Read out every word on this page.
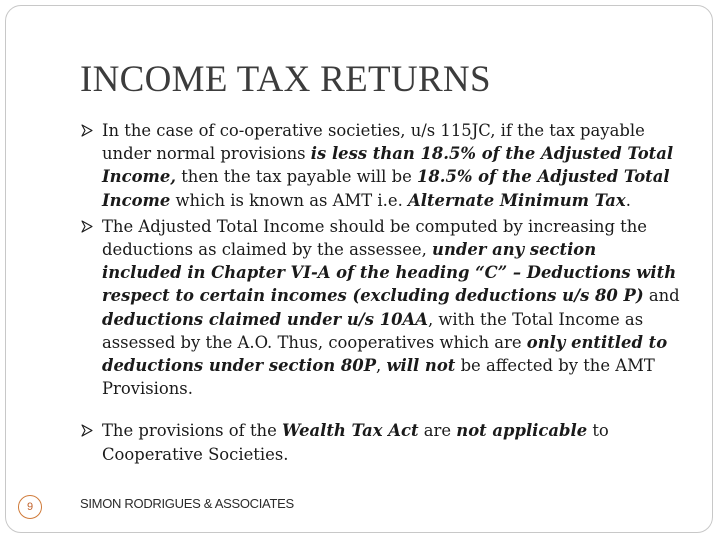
INCOME TAX RETURNS
In the case of co-operative societies, u/s 115JC, if the tax payable under normal provisions is less than 18.5% of the Adjusted Total Income, then the tax payable will be 18.5% of the Adjusted Total Income which is known as AMT i.e. Alternate Minimum Tax.
The Adjusted Total Income should be computed by increasing the deductions as claimed by the assessee, under any section included in Chapter VI-A of the heading “C” – Deductions with respect to certain incomes (excluding deductions u/s 80 P) and deductions claimed under u/s 10AA, with the Total Income as assessed by the A.O. Thus, cooperatives which are only entitled to deductions under section 80P, will not be affected by the AMT Provisions.
The provisions of the Wealth Tax Act are not applicable to Cooperative Societies.
9	SIMON RODRIGUES & ASSOCIATES
